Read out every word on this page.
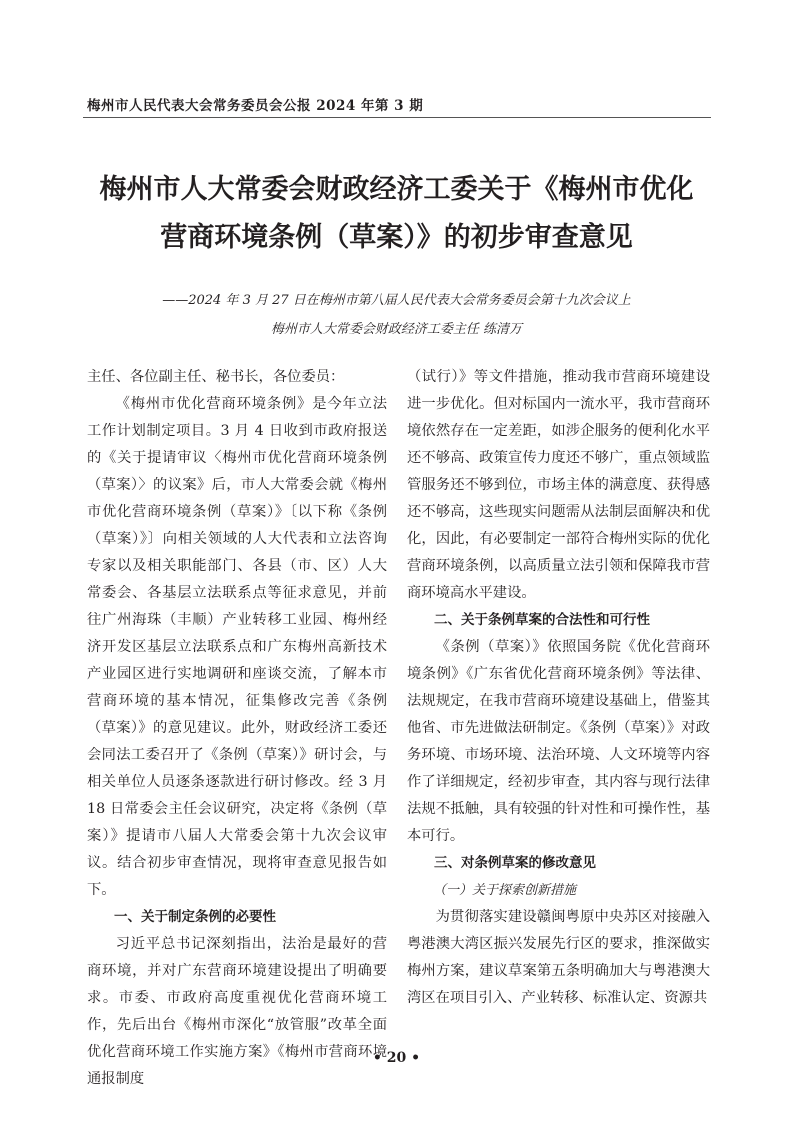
梅州市人民代表大会常务委员会公报 2024 年第 3 期
梅州市人大常委会财政经济工委关于《梅州市优化
营商环境条例（草案）》的初步审查意见
——2024 年 3 月 27 日在梅州市第八届人民代表大会常务委员会第十九次会议上
梅州市人大常委会财政经济工委主任 练清万

主任、各位副主任、秘书长，各位委员：

《梅州市优化营商环境条例》是今年立法工作计划制定项目。3 月 4 日收到市政府报送的《关于提请审议〈梅州市优化营商环境条例（草案）〉的议案》后，市人大常委会就《梅州市优化营商环境条例（草案）》〔以下称《条例（草案）》〕向相关领域的人大代表和立法咨询专家以及相关职能部门、各县（市、区）人大常委会、各基层立法联系点等征求意见，并前往广州海珠（丰顺）产业转移工业园、梅州经济开发区基层立法联系点和广东梅州高新技术产业园区进行实地调研和座谈交流，了解本市营商环境的基本情况，征集修改完善《条例（草案）》的意见建议。此外，财政经济工委还会同法工委召开了《条例（草案）》研讨会，与相关单位人员逐条逐款进行研讨修改。经 3 月 18 日常委会主任会议研究，决定将《条例（草案）》提请市八届人大常委会第十九次会议审议。结合初步审查情况，现将审查意见报告如下。

一、关于制定条例的必要性

习近平总书记深刻指出，法治是最好的营商环境，并对广东营商环境建设提出了明确要求。市委、市政府高度重视优化营商环境工作，先后出台《梅州市深化“放管服”改革全面优化营商环境工作实施方案》《梅州市营商环境通报制度

（试行）》等文件措施，推动我市营商环境建设进一步优化。但对标国内一流水平，我市营商环境依然存在一定差距，如涉企服务的便利化水平还不够高、政策宣传力度还不够广，重点领域监管服务还不够到位，市场主体的满意度、获得感还不够高，这些现实问题需从法制层面解决和优化，因此，有必要制定一部符合梅州实际的优化营商环境条例，以高质量立法引领和保障我市营商环境高水平建设。

二、关于条例草案的合法性和可行性

《条例（草案）》依照国务院《优化营商环境条例》《广东省优化营商环境条例》等法律、法规规定，在我市营商环境建设基础上，借鉴其他省、市先进做法研制定。《条例（草案）》对政务环境、市场环境、法治环境、人文环境等内容作了详细规定，经初步审查，其内容与现行法律法规不抵触，具有较强的针对性和可操作性，基本可行。

三、对条例草案的修改意见
（一）关于探索创新措施

为贯彻落实建设赣闽粤原中央苏区对接融入粤港澳大湾区振兴发展先行区的要求，推深做实梅州方案，建议草案第五条明确加大与粤港澳大湾区在项目引入、产业转移、标准认定、资源共

• 20 •
